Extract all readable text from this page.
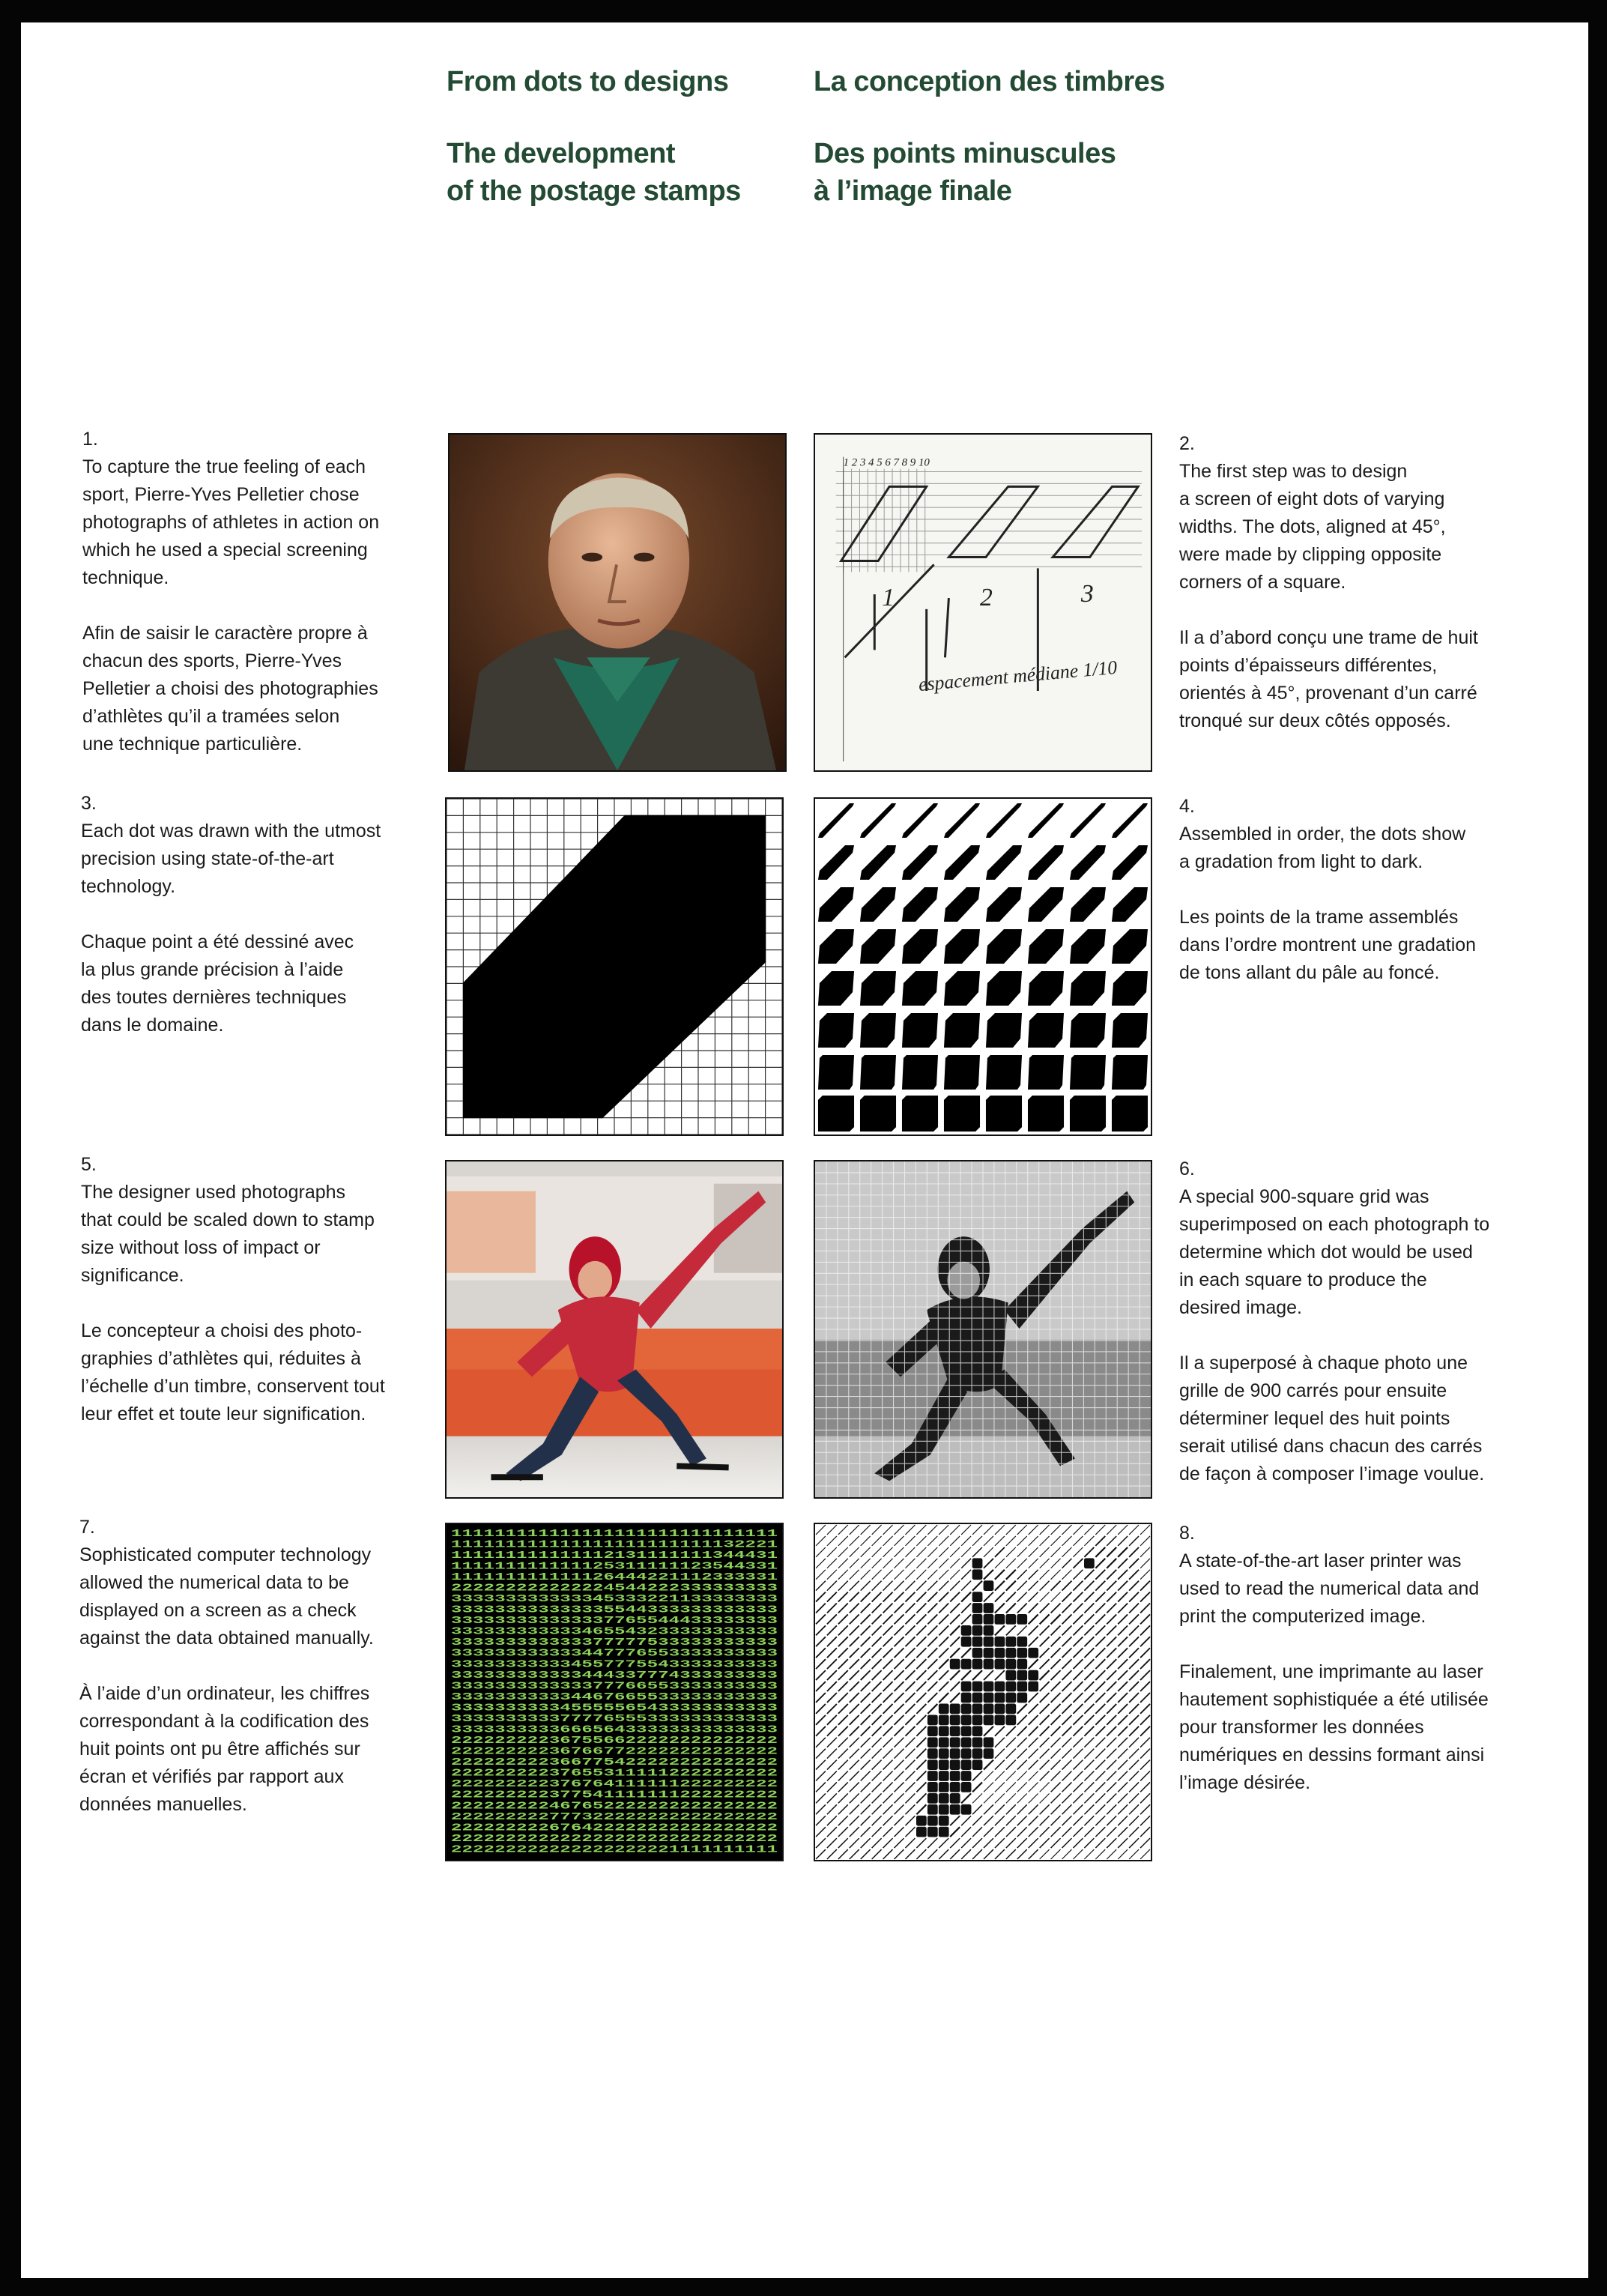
From dots to designs
The development
of the postage stamps
La conception des timbres
Des points minuscules
à l’image finale
1.

To capture the true feeling of each
sport, Pierre-Yves Pelletier chose
photographs of athletes in action on
which he used a special screening
technique.

Afin de saisir le caractère propre à
chacun des sports, Pierre-Yves
Pelletier a choisi des photographies
d’athlètes qu’il a tramées selon
une technique particulière.

2.

The first step was to design
a screen of eight dots of varying
widths. The dots, aligned at 45°,
were made by clipping opposite
corners of a square.

Il a d’abord conçu une trame de huit
points d’épaisseurs différentes,
orientés à 45°, provenant d’un carré
tronqué sur deux côtés opposés.

3.

Each dot was drawn with the utmost
precision using state-of-the-art
technology.

Chaque point a été dessiné avec
la plus grande précision à l’aide
des toutes dernières techniques
dans le domaine.

4.

Assembled in order, the dots show
a gradation from light to dark.

Les points de la trame assemblés
dans l’ordre montrent une gradation
de tons allant du pâle au foncé.

5.

The designer used photographs
that could be scaled down to stamp
size without loss of impact or
significance.

Le concepteur a choisi des photo-
graphies d’athlètes qui, réduites à
l’échelle d’un timbre, conservent tout
leur effet et toute leur signification.

6.

A special 900-square grid was
superimposed on each photograph to
determine which dot would be used
in each square to produce the
desired image.

Il a superposé à chaque photo une
grille de 900 carrés pour ensuite
déterminer lequel des huit points
serait utilisé dans chacun des carrés
de façon à composer l’image voulue.

7.

Sophisticated computer technology
allowed the numerical data to be
displayed on a screen as a check
against the data obtained manually.

À l’aide d’un ordinateur, les chiffres
correspondant à la codification des
huit points ont pu être affichés sur
écran et vérifiés par rapport aux
données manuelles.

8.

A state-of-the-art laser printer was
used to read the numerical data and
print the computerized image.

Finalement, une imprimante au laser
hautement sophistiquée a été utilisée
pour transformer les données
numériques en dessins formant ainsi
l’image désirée.

1 2 3 4 5 6 7 8 9 10
1	2	3
espacement médiane 1/10
111111111111111111111111111111
111111111111111111111111132221
111111111111112131111111344431
111111111111125311111123544331
111111111111126444221112333331
222222222222224544222333333333
333333333333345333221133333333
333333333333335544333333333333
333333333333337765544433333333
333333333333465543233333333333
333333333333377777533333333333
333333333333447776553333333333
333333333334557775543333333333
333333333333444337774333333333
333333333333377766553333333333
333333333334467665533333333333
333333333345555565433333333333
333333333377776555333333333333
333333333366656433333333333333
222222222367556622222222222222
222222222367667722222222222222
222222222366775422222222222222
222222222376553111112222222222
222222222376764111111222222222
222222222377541111111222222222
222222222467652222222222222222
222222222777322222222222222222
222222222676422222222222222222
222222222222222222222222222222
222222222222222222221111111111
